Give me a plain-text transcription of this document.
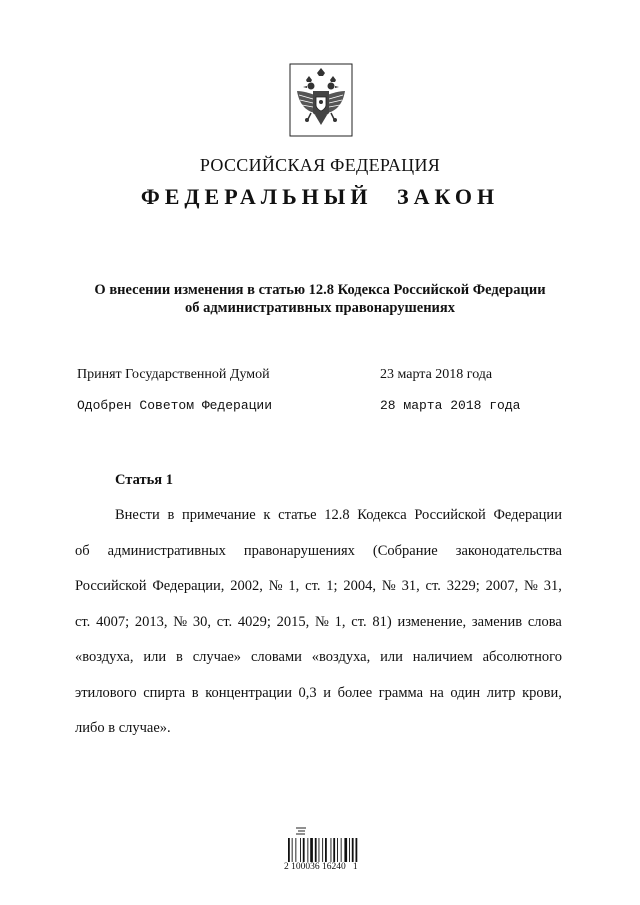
РОССИЙСКАЯ ФЕДЕРАЦИЯ
ФЕДЕРАЛЬНЫЙ ЗАКОН
О внесении изменения в статью 12.8 Кодекса Российской Федерации
об административных правонарушениях
Принят Государственной Думой	23 марта 2018 года
Одобрен Советом Федерации	28 марта 2018 года
Статья 1
Внести в примечание к статье 12.8 Кодекса Российской Федерации
об административных правонарушениях (Собрание законодательства
Российской Федерации, 2002, № 1, ст. 1; 2004, № 31, ст. 3229; 2007, № 31,
ст. 4007; 2013, № 30, ст. 4029; 2015, № 1, ст. 81) изменение, заменив слова
«воздуха, или в случае» словами «воздуха, или наличием абсолютного
этилового спирта в концентрации 0,3 и более грамма на один литр крови,
либо в случае».
2 100036 16240   1
